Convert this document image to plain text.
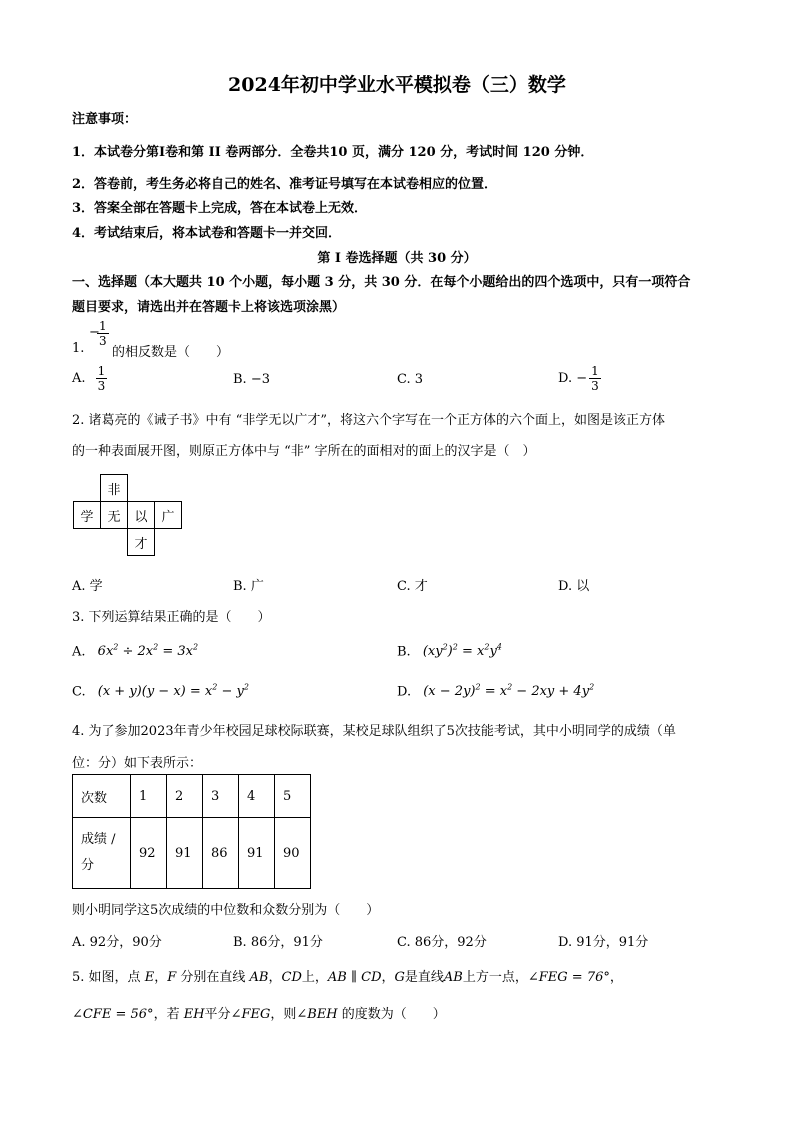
2024年初中学业水平模拟卷（三）数学
注意事项：
1．本试卷分第Ⅰ卷和第 II 卷两部分．全卷共10 页，满分 120 分，考试时间 120 分钟．
2．答卷前，考生务必将自己的姓名、准考证号填写在本试卷相应的位置．
3．答案全部在答题卡上完成，答在本试卷上无效．
4．考试结束后，将本试卷和答题卡一并交回．
第 I 卷选择题（共 30 分）
一、选择题（本大题共 10 个小题，每小题 3 分，共 30 分．在每个小题给出的四个选项中，只有一项符合
题目要求，请选出并在答题卡上将该选项涂黑）
1.
−
$\frac{1}{3}$
的相反数是（　　）
A. $\frac{1}{3}$	B. −3	C. 3	D. − $\frac{1}{3}$
2. 诸葛亮的《诫子书》中有 “非学无以广才”，将这六个字写在一个正方体的六个面上，如图是该正方体
的一种表面展开图，则原正方体中与 “非” 字所在的面相对的面上的汉字是（　）
	非		
学	无	以	广
		才	
A. 学	B. 广	C. 才	D. 以
3. 下列运算结果正确的是（　　）
A. $6x^2 \div 2x^2 = 3x^2$	B. $(xy^2)^2 = x^2y^4$
C. $(x + y)(y - x) = x^2 - y^2$	D. $(x - 2y)^2 = x^2 - 2xy + 4y^2$
4. 为了参加2023年青少年校园足球校际联赛，某校足球队组织了5次技能考试，其中小明同学的成绩（单
位：分）如下表所示：
次数	1	2	3	4	5
成绩 /
分	92	91	86	91	90
则小明同学这5次成绩的中位数和众数分别为（　　）
A. 92分，90分	B. 86分，91分	C. 86分，92分	D. 91分，91分
5. 如图，点 E，F 分别在直线 AB，CD上，AB ∥ CD，G是直线AB上方一点，∠FEG = 76°，
∠CFE = 56°，若 EH平分∠FEG，则∠BEH 的度数为（　　）
